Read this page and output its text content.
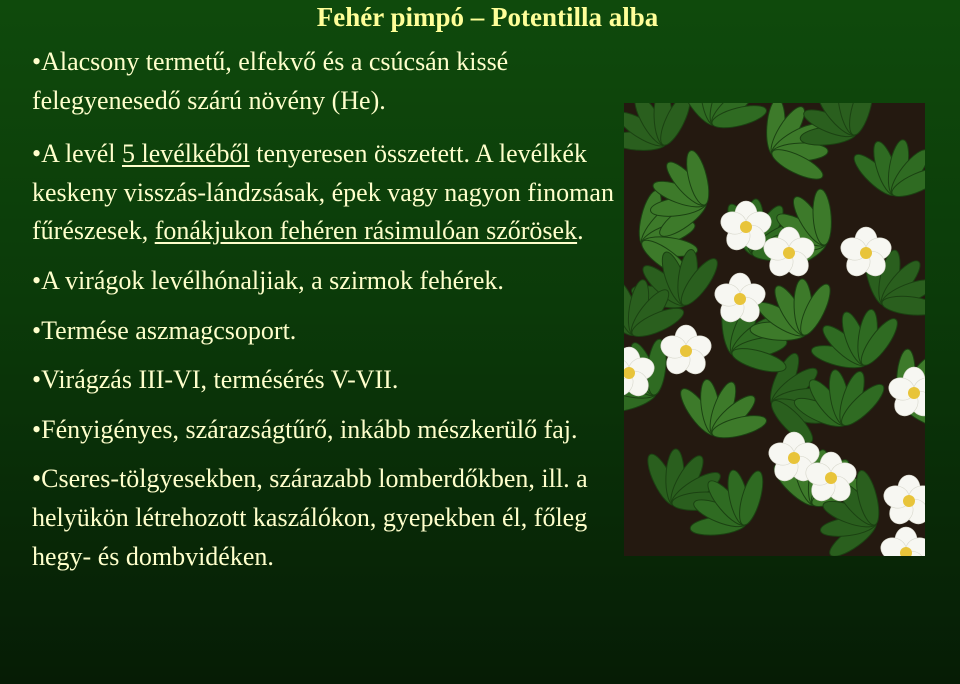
Fehér pimpó – Potentilla alba

•Alacsony termetű, elfekvő és a csúcsán kissé felegyenesedő szárú növény (He).

•A levél 5 levélkéből tenyeresen összetett. A levélkék keskeny visszás-lándzsásak, épek vagy nagyon finoman fűrészesek, fonákjukon fehéren rásimulóan szőrösek.

•A virágok levélhónaljiak, a szirmok fehérek.

•Termése aszmagcsoport.

•Virágzás III-VI, termésérés V-VII.

•Fényigényes, szárazságtűrő, inkább mészkerülő faj.

•Cseres-tölgyesekben, szárazabb lomberdőkben, ill. a helyükön létrehozott kaszálókon, gyepekben él, főleg hegy- és dombvidéken.
